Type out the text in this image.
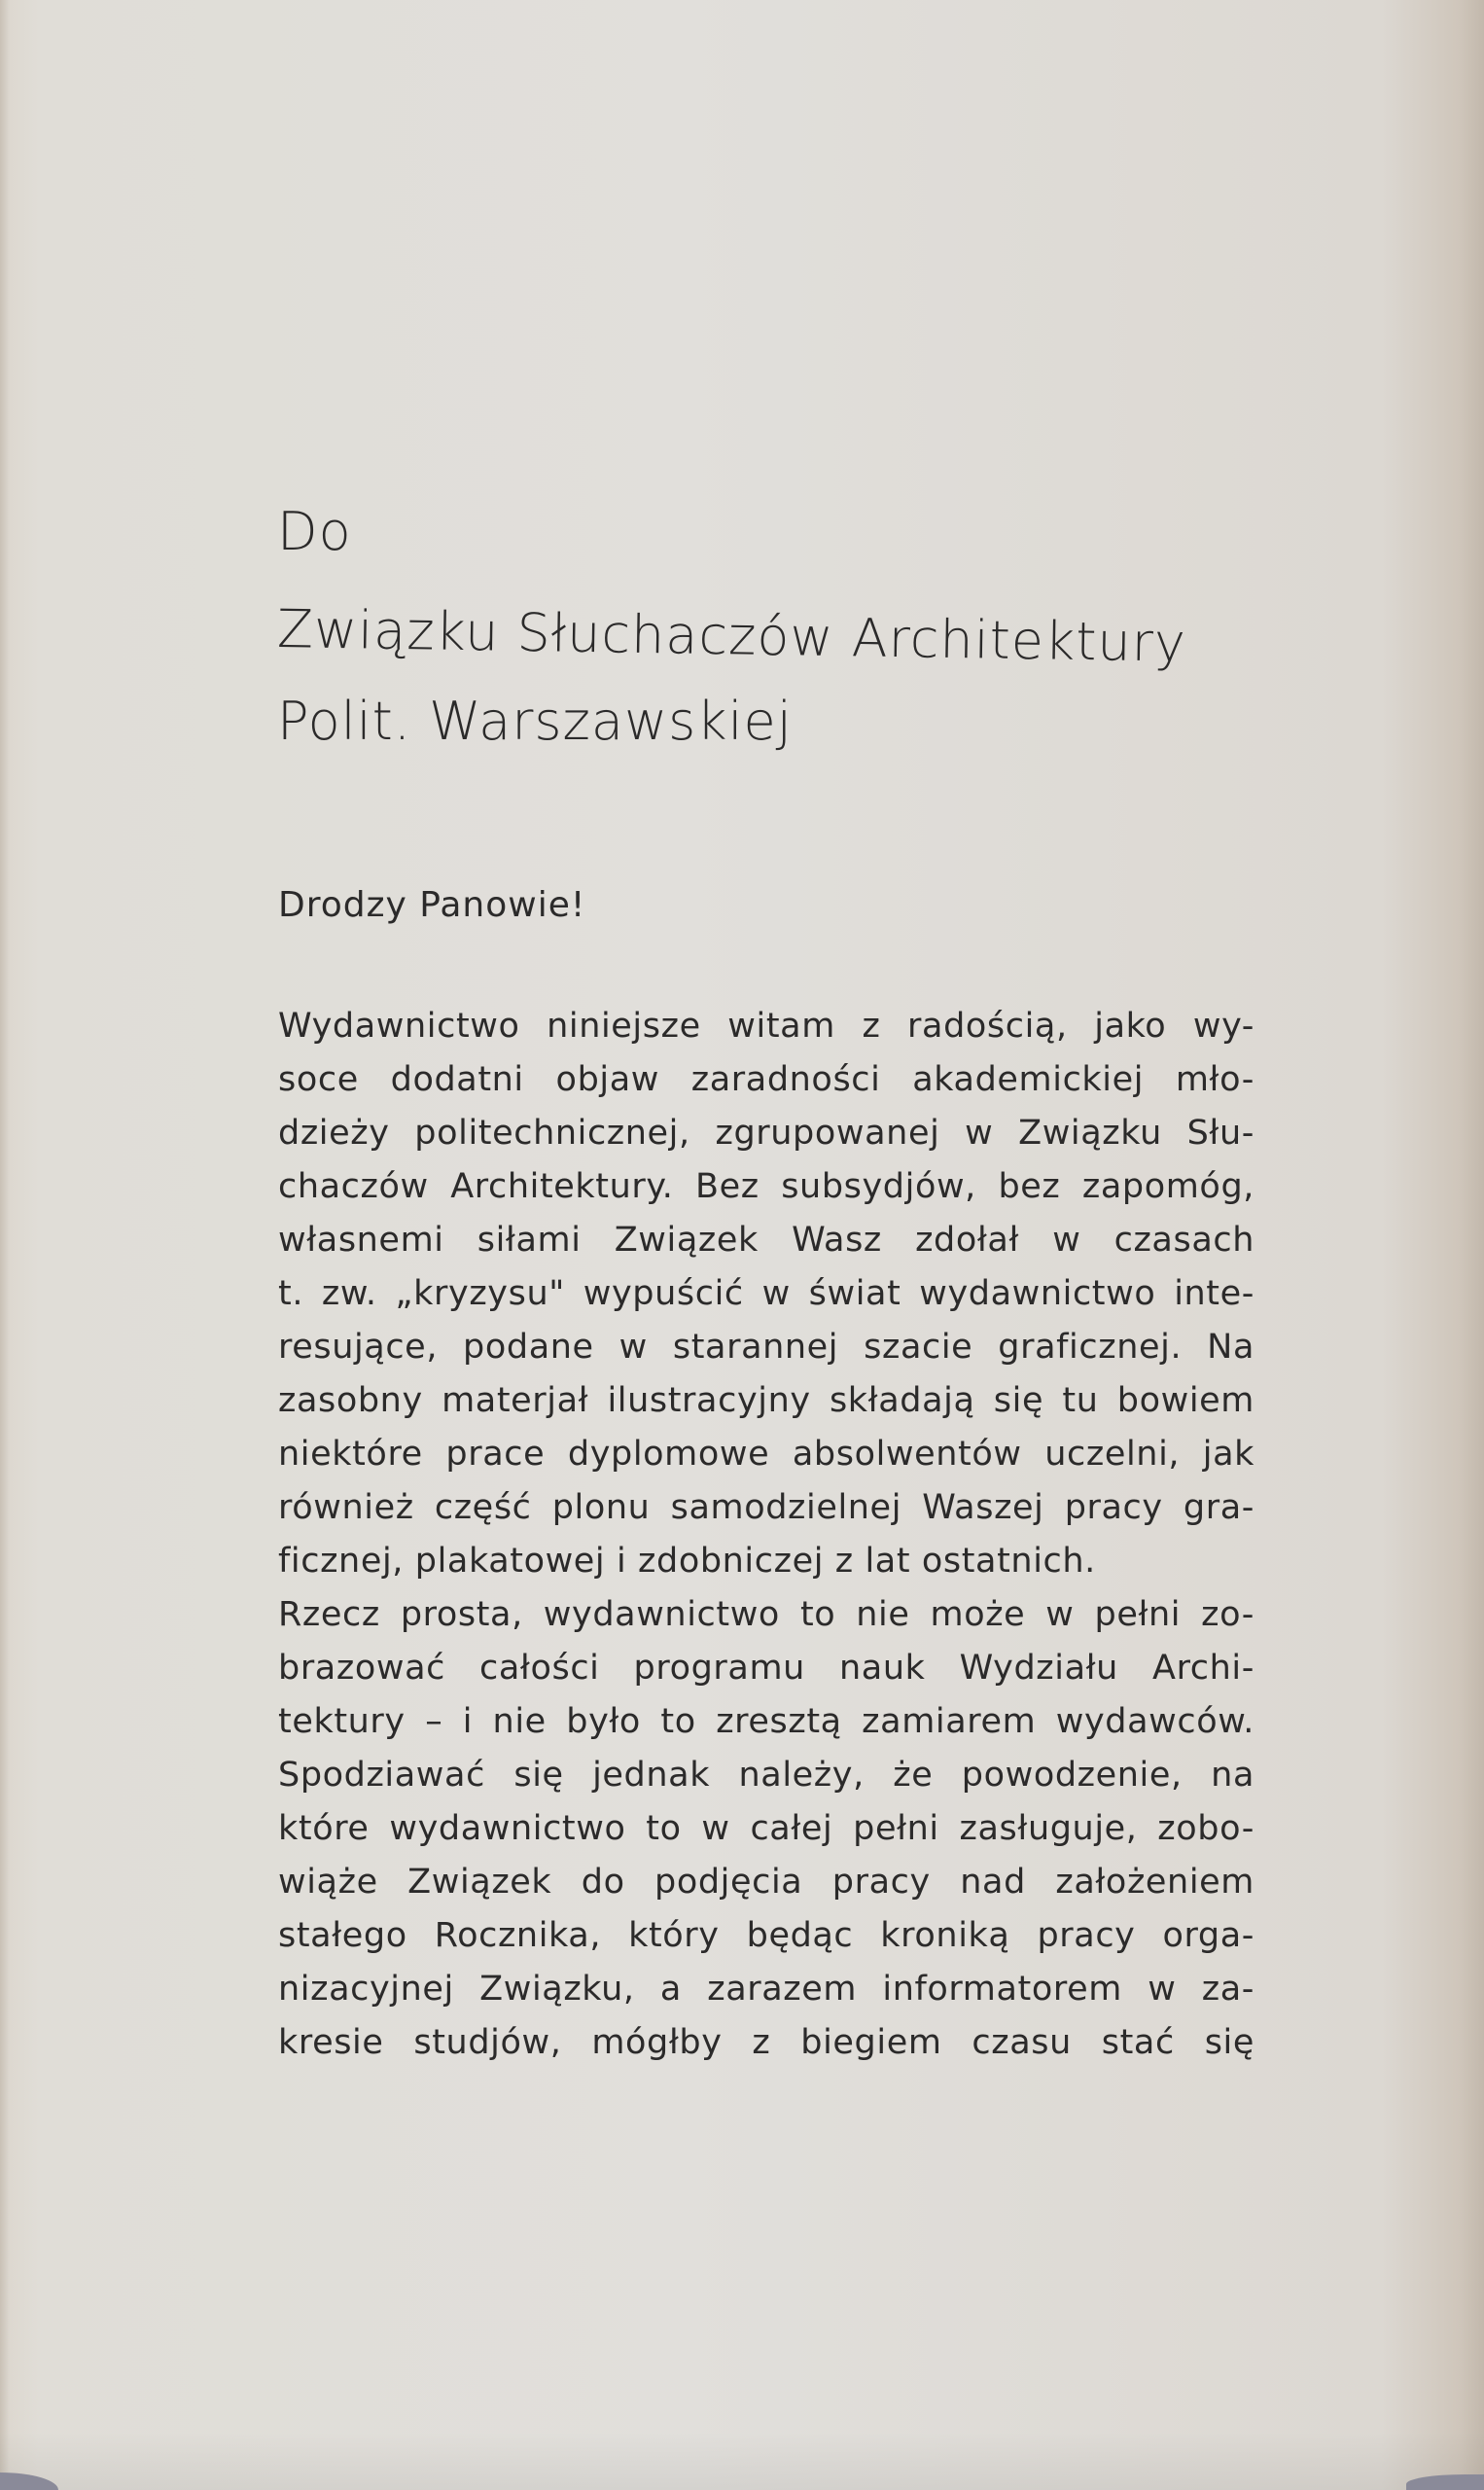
Do
Związku Słuchaczów Architektury
Polit. Warszawskiej
Drodzy Panowie!
Wydawnictwo niniejsze witam z radością, jako wy-
soce dodatni objaw zaradności akademickiej mło-
dzieży politechnicznej, zgrupowanej w Związku Słu-
chaczów Architektury. Bez subsydjów, bez zapomóg,
własnemi siłami Związek Wasz zdołał w czasach
t. zw. „kryzysu" wypuścić w świat wydawnictwo inte-
resujące, podane w starannej szacie graficznej. Na
zasobny materjał ilustracyjny składają się tu bowiem
niektóre prace dyplomowe absolwentów uczelni, jak
również część plonu samodzielnej Waszej pracy gra-
ficznej, plakatowej i zdobniczej z lat ostatnich.
Rzecz prosta, wydawnictwo to nie może w pełni zo-
brazować całości programu nauk Wydziału Archi-
tektury – i nie było to zresztą zamiarem wydawców.
Spodziawać się jednak należy, że powodzenie, na
które wydawnictwo to w całej pełni zasługuje, zobo-
wiąże Związek do podjęcia pracy nad założeniem
stałego Rocznika, który będąc kroniką pracy orga-
nizacyjnej Związku, a zarazem informatorem w za-
kresie studjów, mógłby z biegiem czasu stać się
